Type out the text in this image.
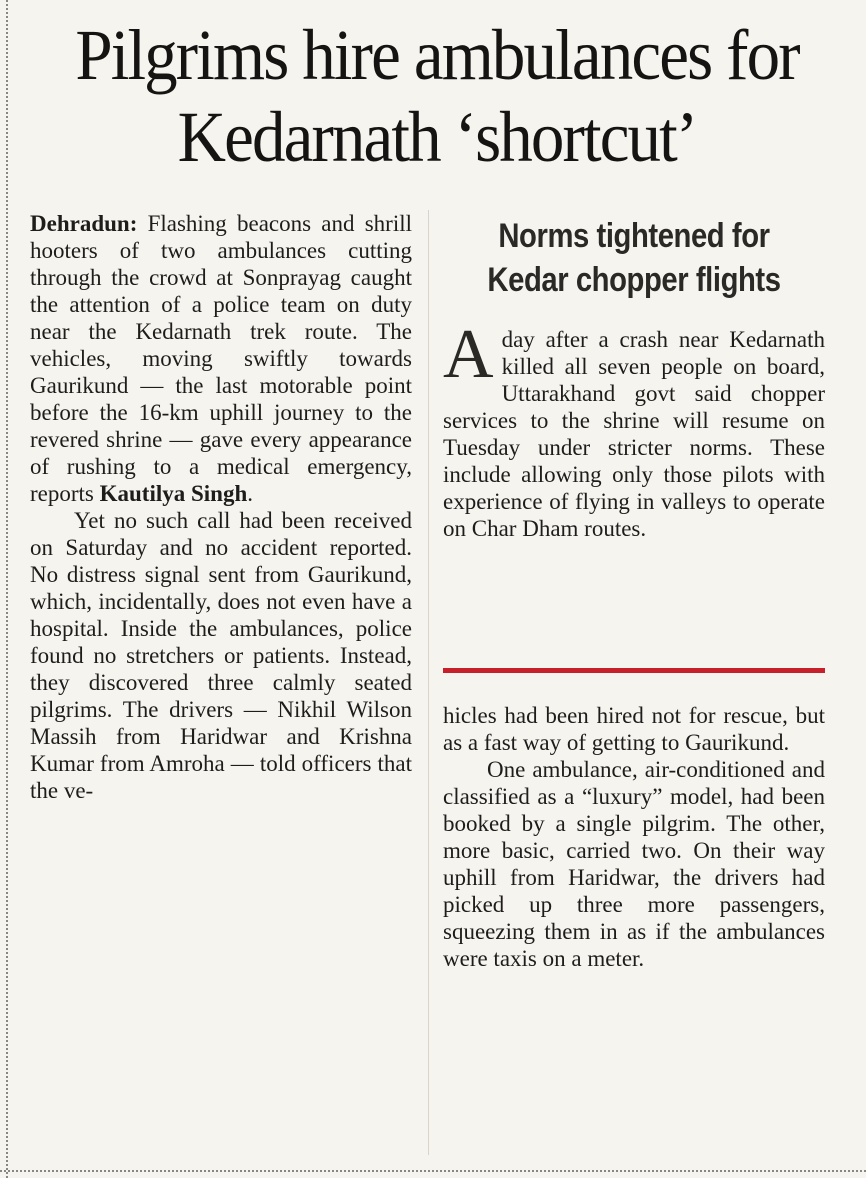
Pilgrims hire ambulances for Kedarnath ‘shortcut’

Dehradun: Flashing beacons and shrill hooters of two ambulances cutting through the crowd at Sonprayag caught the attention of a police team on duty near the Kedarnath trek route. The vehicles, moving swiftly towards Gaurikund — the last motorable point before the 16-km uphill journey to the revered shrine — gave every appearance of rushing to a medical emergency, reports Kautilya Singh.

Yet no such call had been received on Saturday and no accident reported. No distress signal sent from Gaurikund, which, incidentally, does not even have a hospital. Inside the ambulances, police found no stretchers or patients. Instead, they discovered three calmly seated pilgrims. The drivers — Nikhil Wilson Massih from Haridwar and Krishna Kumar from Amroha — told officers that the ve-

Norms tightened for Kedar chopper flights
Aday after a crash near Kedarnath killed all seven people on board, Uttarakhand govt said chopper services to the shrine will resume on Tuesday under stricter norms. These include allowing only those pilots with experience of flying in valleys to operate on Char Dham routes.

hicles had been hired not for rescue, but as a fast way of getting to Gaurikund.

One ambulance, air-conditioned and classified as a “luxury” model, had been booked by a single pilgrim. The other, more basic, carried two. On their way uphill from Haridwar, the drivers had picked up three more passengers, squeezing them in as if the ambulances were taxis on a meter.
